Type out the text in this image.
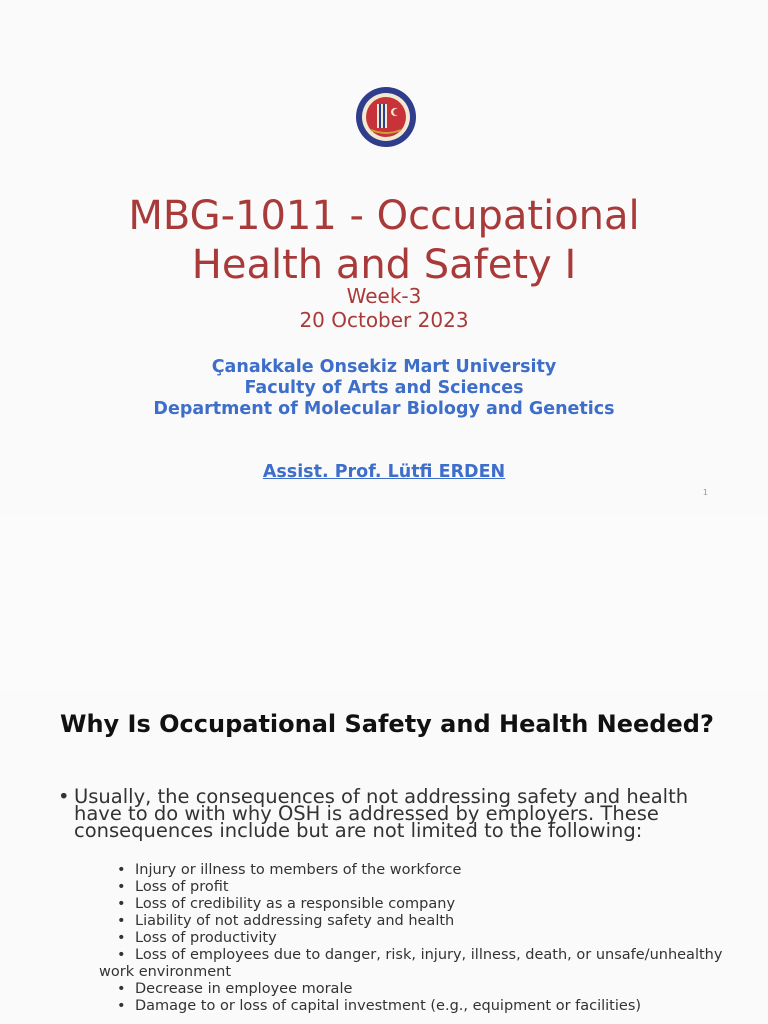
MBG-1011 - Occupational
Health and Safety I
Week-3
20 October 2023
Çanakkale Onsekiz Mart University
Faculty of Arts and Sciences
Department of Molecular Biology and Genetics
Assist. Prof. Lütfi ERDEN
1
Why Is Occupational Safety and Health Needed?
• Usually, the consequences of not addressing safety and health have to do with why OSH is addressed by employers. These consequences include but are not limited to the following:
• Injury or illness to members of the workforce
• Loss of profit
• Loss of credibility as a responsible company
• Liability of not addressing safety and health
• Loss of productivity
• Loss of employees due to danger, risk, injury, illness, death, or unsafe/unhealthy
work environment
• Decrease in employee morale
• Damage to or loss of capital investment (e.g., equipment or facilities)
